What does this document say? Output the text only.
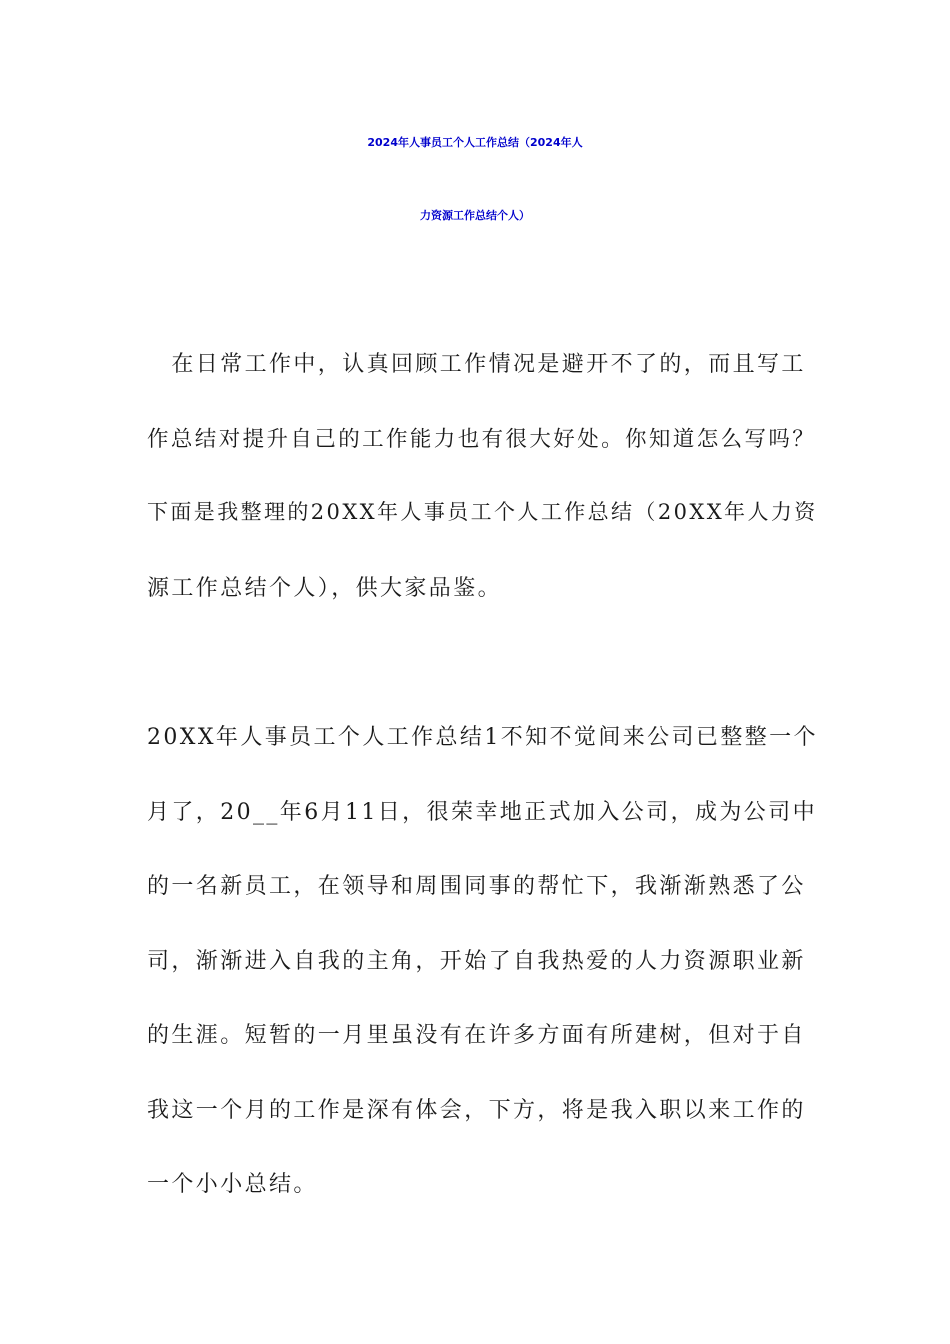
2024年人事员工个人工作总结（2024年人
力资源工作总结个人）
　在日常工作中，认真回顾工作情况是避开不了的，而且写工
作总结对提升自己的工作能力也有很大好处。你知道怎么写吗？
下面是我整理的20XX年人事员工个人工作总结（20XX年人力资
源工作总结个人），供大家品鉴。
20XX年人事员工个人工作总结1不知不觉间来公司已整整一个
月了，20__年6月11日，很荣幸地正式加入公司，成为公司中
的一名新员工，在领导和周围同事的帮忙下，我渐渐熟悉了公
司，渐渐进入自我的主角，开始了自我热爱的人力资源职业新
的生涯。短暂的一月里虽没有在许多方面有所建树，但对于自
我这一个月的工作是深有体会，下方，将是我入职以来工作的
一个小小总结。
